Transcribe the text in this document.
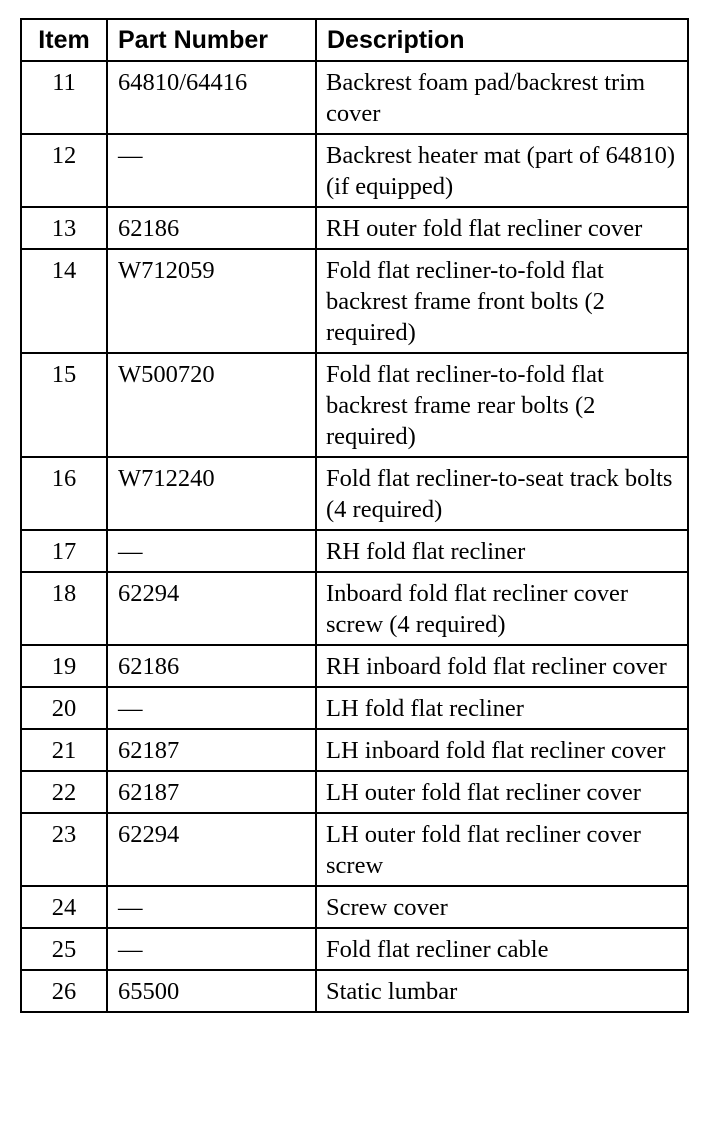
Item	Part Number	Description
11	64810/64416	Backrest foam pad/backrest trim cover
12	—	Backrest heater mat (part of 64810) (if equipped)
13	62186	RH outer fold flat recliner cover
14	W712059	Fold flat recliner-to-fold flat backrest frame front bolts (2 required)
15	W500720	Fold flat recliner-to-fold flat backrest frame rear bolts (2 required)
16	W712240	Fold flat recliner-to-seat track bolts (4 required)
17	—	RH fold flat recliner
18	62294	Inboard fold flat recliner cover screw (4 required)
19	62186	RH inboard fold flat recliner cover
20	—	LH fold flat recliner
21	62187	LH inboard fold flat recliner cover
22	62187	LH outer fold flat recliner cover
23	62294	LH outer fold flat recliner cover screw
24	—	Screw cover
25	—	Fold flat recliner cable
26	65500	Static lumbar
